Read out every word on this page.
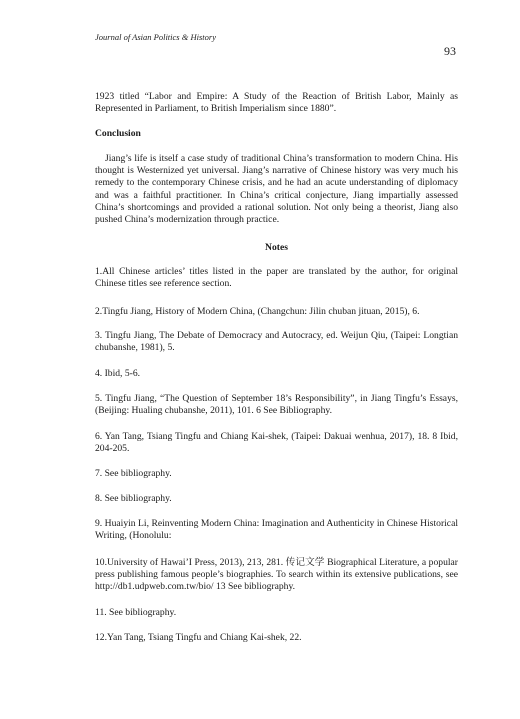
Journal of Asian Politics & History
93
1923 titled “Labor and Empire: A Study of the Reaction of British Labor, Mainly as Represented in Parliament, to British Imperialism since 1880”.
Conclusion
Jiang’s life is itself a case study of traditional China’s transformation to modern China. His thought is Westernized yet universal. Jiang’s narrative of Chinese history was very much his remedy to the contemporary Chinese crisis, and he had an acute understanding of diplomacy and was a faithful practitioner. In China’s critical conjecture, Jiang impartially assessed China’s shortcomings and provided a rational solution. Not only being a theorist, Jiang also pushed China’s modernization through practice.
Notes
1.All Chinese articles’ titles listed in the paper are translated by the author, for original Chinese titles see reference section.
2.Tingfu Jiang, History of Modern China, (Changchun: Jilin chuban jituan, 2015), 6.
3. Tingfu Jiang, The Debate of Democracy and Autocracy, ed. Weijun Qiu, (Taipei: Longtian chubanshe, 1981), 5.
4. Ibid, 5-6.
5. Tingfu Jiang, “The Question of September 18’s Responsibility”, in Jiang Tingfu’s Essays, (Beijing: Hualing chubanshe, 2011), 101. 6 See Bibliography.
6. Yan Tang, Tsiang Tingfu and Chiang Kai-shek, (Taipei: Dakuai wenhua, 2017), 18. 8 Ibid, 204-205.
7. See bibliography.
8. See bibliography.
9. Huaiyin Li, Reinventing Modern China: Imagination and Authenticity in Chinese Historical Writing, (Honolulu:
10.University of Hawai’I Press, 2013), 213, 281. 传记文学 Biographical Literature, a popular press publishing famous people’s biographies. To search within its extensive publications, see http://db1.udpweb.com.tw/bio/ 13 See bibliography.
11. See bibliography.
12.Yan Tang, Tsiang Tingfu and Chiang Kai-shek, 22.
